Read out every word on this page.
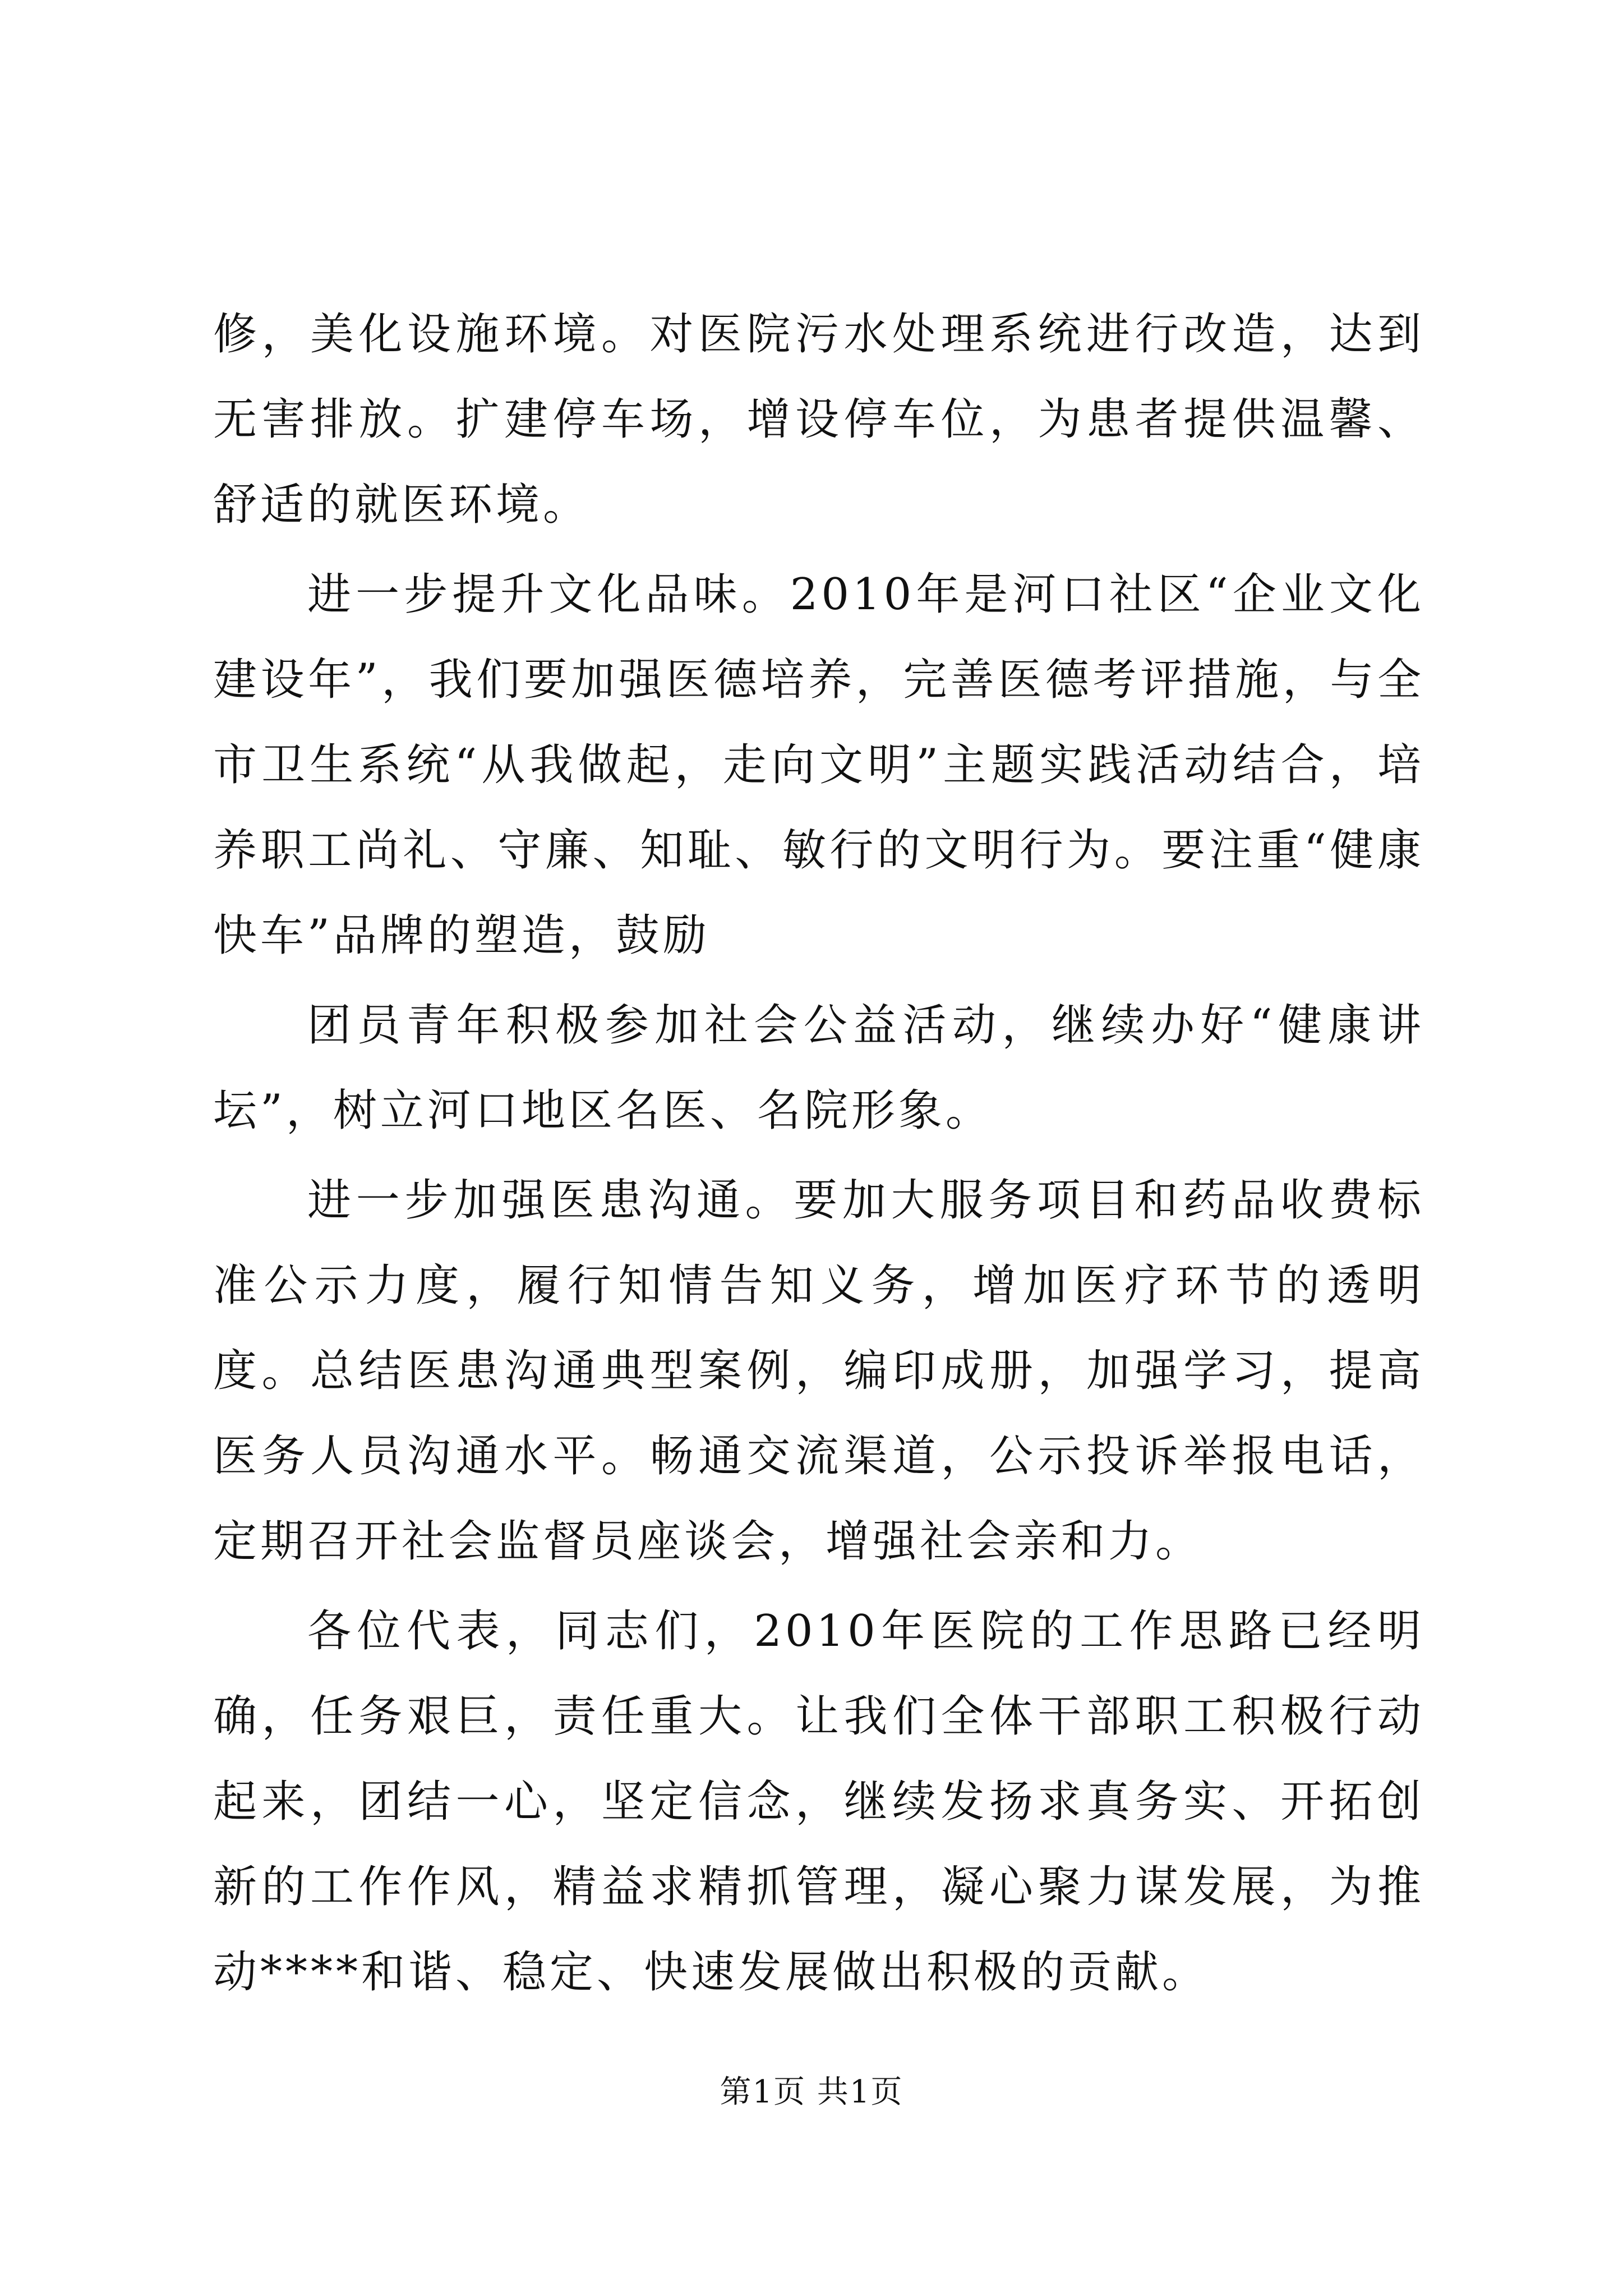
修，美化设施环境。对医院污水处理系统进行改造，达到无害排放。扩建停车场，增设停车位，为患者提供温馨、舒适的就医环境。

进一步提升文化品味。2010年是河口社区“企业文化建设年”，我们要加强医德培养，完善医德考评措施，与全市卫生系统“从我做起，走向文明”主题实践活动结合，培养职工尚礼、守廉、知耻、敏行的文明行为。要注重“健康快车”品牌的塑造，鼓励

团员青年积极参加社会公益活动，继续办好“健康讲坛”，树立河口地区名医、名院形象。

进一步加强医患沟通。要加大服务项目和药品收费标准公示力度，履行知情告知义务，增加医疗环节的透明度。总结医患沟通典型案例，编印成册，加强学习，提高医务人员沟通水平。畅通交流渠道，公示投诉举报电话，定期召开社会监督员座谈会，增强社会亲和力。

各位代表，同志们，2010年医院的工作思路已经明确，任务艰巨，责任重大。让我们全体干部职工积极行动起来，团结一心，坚定信念，继续发扬求真务实、开拓创新的工作作风，精益求精抓管理，凝心聚力谋发展，为推动****和谐、稳定、快速发展做出积极的贡献。

第1页 共1页
